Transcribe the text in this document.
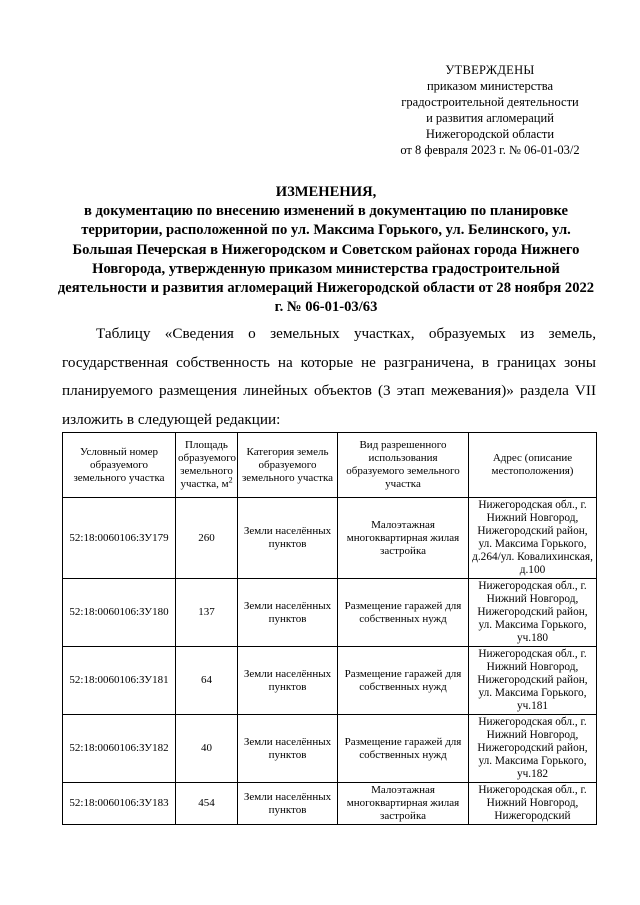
УТВЕРЖДЕНЫ
приказом министерства
градостроительной деятельности
и развития агломераций
Нижегородской области
от 8 февраля 2023 г. № 06-01-03/2
ИЗМЕНЕНИЯ,
в документацию по внесению изменений в документацию по планировке территории, расположенной по ул. Максима Горького, ул. Белинского, ул. Большая Печерская в Нижегородском и Советском районах города Нижнего Новгорода, утвержденную приказом министерства градостроительной деятельности и развития агломераций Нижегородской области от 28 ноября 2022 г. № 06-01-03/63
Таблицу «Сведения о земельных участках, образуемых из земель, государственная собственность на которые не разграничена, в границах зоны планируемого размещения линейных объектов (3 этап межевания)» раздела VII изложить в следующей редакции:
Условный номер образуемого земельного участка	Площадь образуемого земельного участка, $м^2$	Категория земель образуемого земельного участка	Вид разрешенного использования образуемого земельного участка	Адрес (описание местоположения)
52:18:0060106:ЗУ179	260	Земли населённых пунктов	Малоэтажная многоквартирная жилая застройка	Нижегородская обл., г. Нижний Новгород, Нижегородский район, ул. Максима Горького, д.264/ул. Ковалихинская, д.100
52:18:0060106:ЗУ180	137	Земли населённых пунктов	Размещение гаражей для собственных нужд	Нижегородская обл., г. Нижний Новгород, Нижегородский район, ул. Максима Горького, уч.180
52:18:0060106:ЗУ181	64	Земли населённых пунктов	Размещение гаражей для собственных нужд	Нижегородская обл., г. Нижний Новгород, Нижегородский район, ул. Максима Горького, уч.181
52:18:0060106:ЗУ182	40	Земли населённых пунктов	Размещение гаражей для собственных нужд	Нижегородская обл., г. Нижний Новгород, Нижегородский район, ул. Максима Горького, уч.182
52:18:0060106:ЗУ183	454	Земли населённых пунктов	Малоэтажная многоквартирная жилая застройка	Нижегородская обл., г. Нижний Новгород, Нижегородский
